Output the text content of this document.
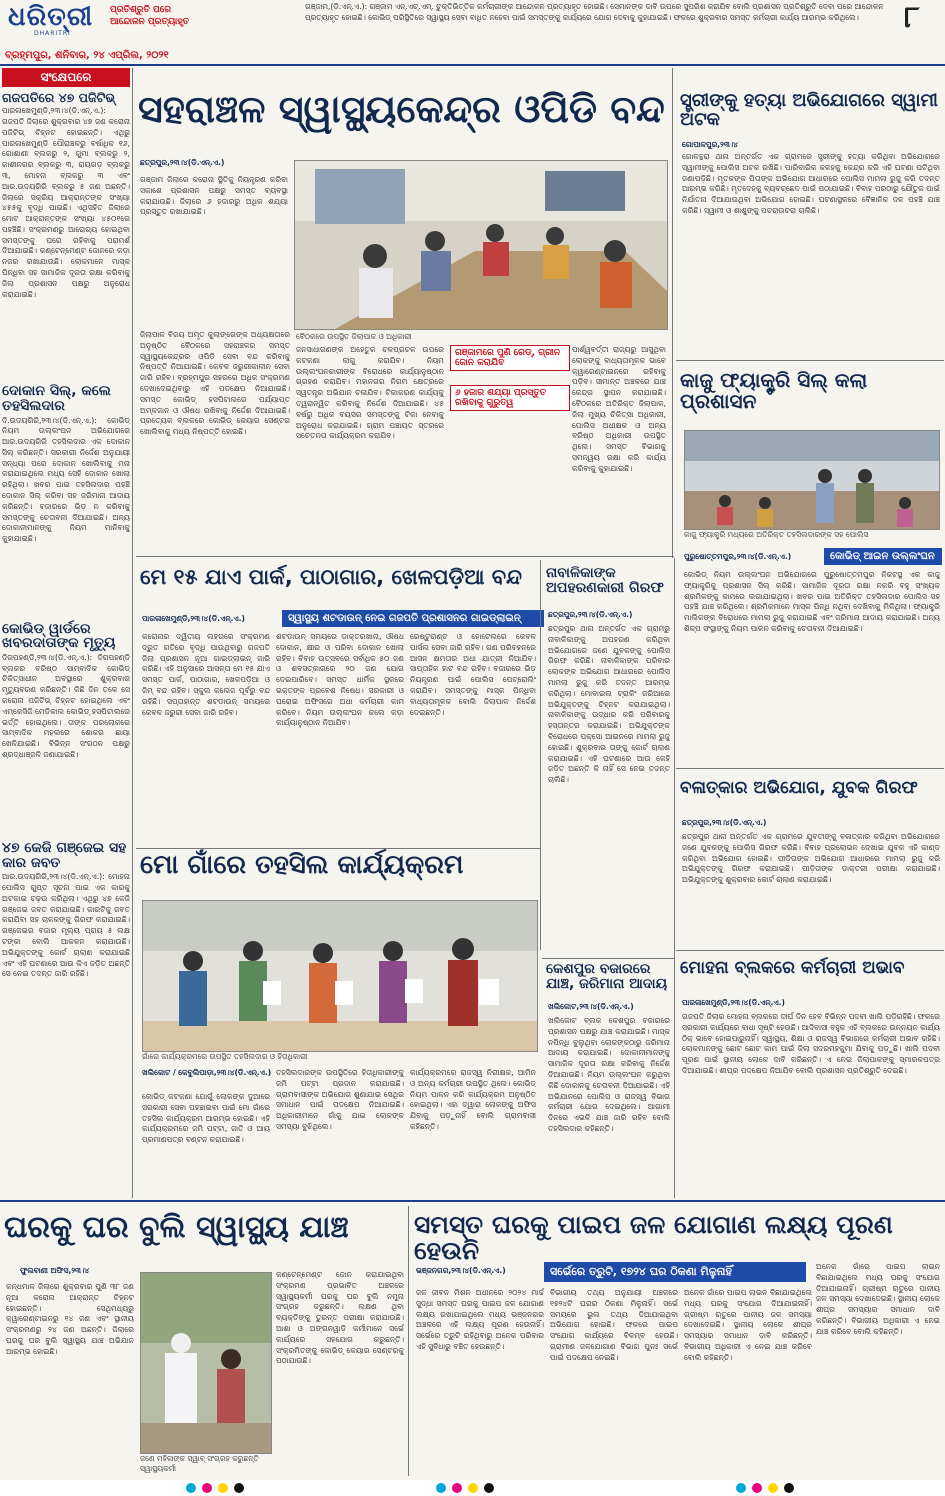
ଧରିତ୍ରୀ
DHARITRI
ପ୍ରତିଶ୍ରୁତି ପରେ ଆନ୍ଦୋଳନ ପ୍ରତ୍ୟାହୃତ
ଗଞ୍ଜାମ,(ଡି.ଏନ୍.ଏ.): ଗଞ୍ଜାମ ଏନ୍.ଏଚ୍.ଏମ୍. ଚୁକ୍ତିଭିତ୍ତିକ କର୍ମଚାରୀଙ୍କ ଆନ୍ଦୋଳନ ପ୍ରତ୍ୟାହୃତ ହୋଇଛି। ସେମାନଙ୍କ ଦାବି ଉପରେ ସୁପରିଶ କରାଯିବ ବୋଲି ପ୍ରଶାସନ ପ୍ରତିଶ୍ରୁତି ଦେବା ପରେ ଆନ୍ଦୋଳନ ପ୍ରତ୍ୟାହୃତ ହୋଇଛି। କୋଭିଡ୍ ପରିସ୍ଥିତିରେ ସ୍ୱାସ୍ଥ୍ୟ ସେବା ବାଧିତ ନହେବା ପାଇଁ ସମସ୍ତଙ୍କୁ କାର୍ଯ୍ୟରେ ଯୋଗ ଦେବାକୁ କୁହାଯାଇଛି। ଫଳରେ ଶୁକ୍ରବାର ସମସ୍ତ କର୍ମଚାରୀ କାର୍ଯ୍ୟ ଆରମ୍ଭ କରିଥିଲେ।	୮
ବ୍ରହ୍ମପୁର, ଶନିବାର, ୨୪ ଏପ୍ରିଲ, ୨୦୨୧
ସଂକ୍ଷେପରେ
ଗଜପତିରେ ୪୭ ପଜିଟିଭ୍
ପାରଳାଖେମୁଣ୍ଡି,୨୩।୪(ଡି.ଏନ୍.ଏ.): ଗଜପତି ଜିଲାରେ ଶୁକ୍ରବାର ୪୭ ଜଣ କରୋନା ପଜିଟିଭ୍ ଚିହ୍ନଟ ହୋଇଛନ୍ତି। ଏଥିରୁ ପାରଳାଖେମୁଣ୍ଡି ପୌରାଞ୍ଚଳରୁ ବର୍ଷାଧିକ ୧୬, ଗୋଶାଣୀ ବ୍ଲକରୁ ୨, ଗୁମା ବ୍ଲକରୁ ୨, କାଶୀନଗର ବ୍ଲକରୁ ୩, ରାୟଗଡ଼ ବ୍ଲକରୁ ୩, ମୋହନା ବ୍ଲକରୁ ୩ ଏବଂ ଆର.ଉଦୟଗିରି ବ୍ଲକରୁ ୫ ଜଣ ଅଛନ୍ତି। ଜିଲାରେ ସକ୍ରିୟ ଆକ୍ରାନ୍ତଙ୍କ ସଂଖ୍ୟା ୪୫୫କୁ ବୃଦ୍ଧି ପାଇଛି। ଏଥିସହିତ ଜିଲାରେ ମୋଟ ଆକ୍ରାନ୍ତଙ୍କ ସଂଖ୍ୟା ୪୫୦୧ରେ ପହଞ୍ଚିଛି। ସଂକ୍ରମଣରୁ ଆରୋଗ୍ୟ ହୋଇଥିବା ସମସ୍ତଙ୍କୁ ଘରେ ରହିବାକୁ ପରାମର୍ଶ ଦିଆଯାଇଛି। କଣ୍ଟେନ୍ମେଣ୍ଟ ଜୋନରେ କଡ଼ା ନଜର ରଖାଯାଉଛି। ଲୋକମାନେ ମାସ୍କ ପିନ୍ଧିବା ସହ ସାମାଜିକ ଦୂରତା ରକ୍ଷା କରିବାକୁ ଜିଲା ପ୍ରଶାସନ ପକ୍ଷରୁ ଅନୁରୋଧ କରାଯାଇଛି।
ଦୋକାନ ସିଲ୍, କଲେ ତହସିଲଦାର
ଦି.ଉଦୟଗିରି,୨୩।୪(ଡି.ଏନ୍.ଏ.): କୋଭିଡ୍ ନିୟମ ଉଲ୍ଲଂଘନ ଅଭିଯୋଗରେ ଆର.ଉଦୟଗିରି ତହସିଲଦାର ଏକ ଦୋକାନ ସିଲ୍ କରିଛନ୍ତି। ସରକାରୀ ନିର୍ଦ୍ଦେଶ ଅନୁଯାୟୀ ସନ୍ଧ୍ୟା ପରେ ଦୋକାନ ଖୋଲିବାକୁ ମନା କରାଯାଇଥିଲେ ମଧ୍ୟ ସେହି ଦୋକାନ ଖୋଲା ରହିଥିଲା। ଖବର ପାଇ ତହସିଲଦାର ପହଞ୍ଚି ଦୋକାନ ସିଲ୍ କରିବା ସହ ଜରିମାନା ଆଦାୟ କରିଛନ୍ତି। ବଜାରରେ ଭିଡ଼ ନ କରିବାକୁ ସମସ୍ତଙ୍କୁ ଚେତାବନୀ ଦିଆଯାଇଛି। ଅନ୍ୟ ଦୋକାନୀମାନଙ୍କୁ ନିୟମ ମାନିବାକୁ କୁହାଯାଇଛି।
କୋଭିଡ୍ ୱାର୍ଡରେ ଖବରଦାତାଙ୍କ ମୃତ୍ୟୁ
ଦିଗପହଣ୍ଡି,୨୩।୪(ଡି.ଏନ୍.ଏ.): ଦିଗପହଣ୍ଡି ବ୍ଲକର ବରିଷ୍ଠ ସାମ୍ବାଦିକ କୋଭିଡ୍ ଚିକିତ୍ସାଧୀନ ଅବସ୍ଥାରେ ଶୁକ୍ରବାର ମୃତ୍ୟୁବରଣ କରିଛନ୍ତି। କିଛି ଦିନ ତଳେ ସେ କରୋନା ପଜିଟିଭ୍ ଚିହ୍ନଟ ହୋଇଥିଲେ ଏବଂ ଏମ୍କେସିଜି ମେଡିକାଲ କୋଭିଡ୍ ହସପିଟାଲରେ ଭର୍ତ୍ତି ହୋଇଥିଲେ। ତାଙ୍କ ପରଲୋକରେ ସାମ୍ବାଦିକ ମହଲରେ ଶୋକର ଛାୟା ଖେଳିଯାଇଛି। ବିଭିନ୍ନ ସଂଗଠନ ପକ୍ଷରୁ ଶ୍ରଦ୍ଧାଞ୍ଜଳି ଜଣାଯାଇଛି।
୪୭ କେଜି ଗଞ୍ଜେଇ ସହ କାର ଜବତ
ଆର.ଉଦୟଗିରି,୨୩।୪(ଡି.ଏନ୍.ଏ.): ମୋହନା ପୋଲିସ ଗୁପ୍ତ ସୂଚନା ପାଇ ଏକ କାରକୁ ଅଟକାଇ ଚଢ଼ଉ କରିଥିଲା। ଏଥିରୁ ୪୭ କେଜି ଗଞ୍ଜେଇ ଜବତ କରାଯାଇଛି। କାରଟିକୁ ଜବତ କରାଯିବା ସହ ଚାଳକଙ୍କୁ ଗିରଫ କରାଯାଇଛି। ଗଞ୍ଜେଇର ବଜାର ମୂଲ୍ୟ ପ୍ରାୟ ୫ ଲକ୍ଷ ଟଙ୍କା ବୋଲି ଆକଳନ କରାଯାଉଛି। ଅଭିଯୁକ୍ତଙ୍କୁ କୋର୍ଟ ଚାଲାଣ କରାଯାଇଛି ଏବଂ ଏହି ଘଟଣାରେ ଆଉ କିଏ ଜଡ଼ିତ ଅଛନ୍ତି ସେ ନେଇ ତଦନ୍ତ ଜାରି ରହିଛି।
ସହରାଞ୍ଚଳ ସ୍ୱାସ୍ଥ୍ୟକେନ୍ଦ୍ର ଓପିଡି ବନ୍ଦ
ଛତ୍ରପୁର,୨୩।୪(ଡି.ଏନ୍.ଏ.)
ଗଞ୍ଜାମ ଜିଲାରେ କରୋନା ସ୍ଥିତିକୁ ନିୟନ୍ତ୍ରଣ କରିବା ସକାଶେ ପ୍ରଶାସନ ପକ୍ଷରୁ ସମସ୍ତ ବ୍ୟବସ୍ଥା କରାଯାଉଛି। ଜିଲାରେ ୬ ହଜାରରୁ ଅଧିକ ଶଯ୍ୟା ପ୍ରସ୍ତୁତ ରଖାଯାଇଛି।
ବୈଠକରେ ଉପସ୍ଥିତ ଜିଲାପାଳ ଓ ଅଧିକାରୀ
ଜିଲାପାଳ ବିଜୟ ଅମୃତ କୁଲାଙ୍ଗେଙ୍କ ଅଧ୍ୟକ୍ଷତାରେ ଅନୁଷ୍ଠିତ ବୈଠକରେ ସହରାଞ୍ଚଳର ସମସ୍ତ ସ୍ୱାସ୍ଥ୍ୟକେନ୍ଦ୍ରର ଓପିଡି ସେବା ବନ୍ଦ କରିବାକୁ ନିଷ୍ପତ୍ତି ନିଆଯାଇଛି। କେବଳ ଜରୁରୀକାଳୀନ ସେବା ଜାରି ରହିବ। ବ୍ରହ୍ମପୁର ସହରରେ ଅଧିକ ସଂକ୍ରମଣ ଦେଖାଦେଇଥିବାରୁ ଏହି ପଦକ୍ଷେପ ନିଆଯାଇଛି। ସମସ୍ତ କୋଭିଡ୍ ହସପିଟାଲରେ ପର୍ଯ୍ୟାପ୍ତ ଅମ୍ଳଜାନ ଓ ଔଷଧ ରଖିବାକୁ ନିର୍ଦ୍ଦେଶ ଦିଆଯାଇଛି। ପ୍ରତ୍ୟେକ ବ୍ଲକରେ କୋଭିଡ୍ କେୟାର ସେଣ୍ଟର ଖୋଲିବାକୁ ମଧ୍ୟ ନିଷ୍ପତ୍ତି ହୋଇଛି।
ଜନସାଧାରଣଙ୍କ ଅହେତୁକ ଚଳପ୍ରଚଳ ଉପରେ କଟକଣା ଲାଗୁ କରାଯିବ। ନିୟମ ଉଲ୍ଲଂଘନକାରୀଙ୍କ ବିରୋଧରେ କାର୍ଯ୍ୟାନୁଷ୍ଠାନ ଗ୍ରହଣ କରାଯିବ। ମହାନଗର ନିଗମ କ୍ଷେତ୍ରରେ ସ୍ୱତନ୍ତ୍ର ଅଭିଯାନ ଚଳାଯିବ। ଟିକାକରଣ କାର୍ଯ୍ୟକୁ ତ୍ୱରାନ୍ୱିତ କରିବାକୁ ନିର୍ଦ୍ଦେଶ ଦିଆଯାଇଛି। ୪୫ ବର୍ଷରୁ ଅଧିକ ବୟସର ସମସ୍ତଙ୍କୁ ଟିକା ନେବାକୁ ଅନୁରୋଧ କରାଯାଇଛି। ଗ୍ରାମ ପଞ୍ଚାୟତ ସ୍ତରରେ ସଚେତନତା କାର୍ଯ୍ୟକ୍ରମ କରାଯିବ।
ଗଞ୍ଜାମରେ ପୁଣି ରେଡ୍, ଗ୍ରୀନ ଜୋନ କରାଯିବ
୬ ହଜାର ଶଯ୍ୟା ପ୍ରସ୍ତୁତ ରଖିବାକୁ ଗୁରୁତ୍ୱ
ପାର୍ଶ୍ୱବର୍ତ୍ତୀ ରାଜ୍ୟରୁ ଆସୁଥିବା ଲୋକଙ୍କୁ ବାଧ୍ୟତାମୂଳକ ଭାବେ କ୍ୱାରେଣ୍ଟାଇନରେ ରହିବାକୁ ପଡ଼ିବ। ସୀମାନ୍ତ ଅଞ୍ଚଳରେ ଯାଞ୍ଚ କେନ୍ଦ୍ର ସ୍ଥାପନ କରାଯାଇଛି। ବୈଠକରେ ଅତିରିକ୍ତ ଜିଲାପାଳ, ଜିଲା ମୁଖ୍ୟ ଚିକିତ୍ସା ଅଧିକାରୀ, ପୋଲିସ ଅଧୀକ୍ଷକ ଓ ଅନ୍ୟ ବରିଷ୍ଠ ଅଧିକାରୀ ଉପସ୍ଥିତ ଥିଲେ। ସମସ୍ତ ବିଭାଗକୁ ସମନ୍ୱୟ ରକ୍ଷା କରି କାର୍ଯ୍ୟ କରିବାକୁ କୁହାଯାଇଛି।
ସ୍ତ୍ରୀଙ୍କୁ ହତ୍ୟା ଅଭିଯୋଗରେ ସ୍ୱାମୀ ଅଟକ
ଗୋପାଳପୁର,୨୩।୪
ଗୋଳନ୍ଥରା ଥାନା ଅନ୍ତର୍ଗତ ଏକ ଗ୍ରାମରେ ସ୍ତ୍ରୀଙ୍କୁ ହତ୍ୟା କରିଥିବା ଅଭିଯୋଗରେ ସ୍ୱାମୀଙ୍କୁ ପୋଲିସ ଅଟକ ରଖିଛି। ପାରିବାରିକ କଳହକୁ କେନ୍ଦ୍ର କରି ଏହି ଘଟଣା ଘଟିଥିବା ଜଣାପଡ଼ିଛି। ମୃତକଙ୍କ ପିତାଙ୍କ ଅଭିଯୋଗ ଆଧାରରେ ପୋଲିସ ମାମଲା ରୁଜୁ କରି ତଦନ୍ତ ଆରମ୍ଭ କରିଛି। ମୃତଦେହକୁ ବ୍ୟବଚ୍ଛେଦ ପାଇଁ ପଠାଯାଇଛି। ବିବାହ ପରଠାରୁ ଯୌତୁକ ପାଇଁ ନିର୍ଯାତନା ଦିଆଯାଉଥିବା ଅଭିଯୋଗ ହୋଇଛି। ଘଟଣାସ୍ଥଳରେ ବୈଜ୍ଞାନିକ ଦଳ ପହଞ୍ଚି ଯାଞ୍ଚ କରିଛି। ସ୍ୱାମୀ ଓ ଶାଶୁଙ୍କୁ ପଚରାଉଚରା ଚାଲିଛି।
କାଜୁ ଫ୍ୟାକ୍ଟ୍ରି ସିଲ୍ କଲା ପ୍ରଶାସନ
କାଜୁ ଫ୍ୟାକ୍ଟ୍ରି ମଧ୍ୟରେ ଅତିରିକ୍ତ ତହସିଲଦାରଙ୍କ ସହ ପୋଲିସ
ପୁରୁଷୋତ୍ତମପୁର,୨୩।୪(ଡି.ଏନ୍.ଏ.)	କୋଭିଡ୍ ଆଇନ ଉଲ୍ଲଂଘନ
କୋଭିଡ୍ ନିୟମ ଉଲ୍ଲଂଘନ ଅଭିଯୋଗରେ ପୁରୁଷୋତ୍ତମପୁର ନିକଟସ୍ଥ ଏକ କାଜୁ ଫ୍ୟାକ୍ଟ୍ରିକୁ ପ୍ରଶାସନ ସିଲ୍ କରିଛି। ସାମାଜିକ ଦୂରତା ରକ୍ଷା ନକରି ବହୁ ସଂଖ୍ୟକ ଶ୍ରମିକଙ୍କୁ କାମରେ ଲଗାଯାଇଥିଲା। ଖବର ପାଇ ଅତିରିକ୍ତ ତହସିଲଦାର ପୋଲିସ ସହ ପହଞ୍ଚି ଯାଞ୍ଚ କରିଥିଲେ। ଶ୍ରମିକମାନେ ମାସ୍କ ପିନ୍ଧି ନଥିବା ଦେଖିବାକୁ ମିଳିଥିଲା। ଫ୍ୟାକ୍ଟ୍ରି ମାଲିକଙ୍କ ବିରୋଧରେ ମାମଲା ରୁଜୁ କରାଯାଇଛି ଏବଂ ଜରିମାନା ଆଦାୟ କରାଯାଇଛି। ଅନ୍ୟ ଶିଳ୍ପ ସଂସ୍ଥାଙ୍କୁ ନିୟମ ପାଳନ କରିବାକୁ ଚେତାବନୀ ଦିଆଯାଇଛି।
ବଳାତ୍କାର ଅଭିଯୋଗ, ଯୁବକ ଗିରଫ
ଛତ୍ରପୁର,୨୩।୪(ଡି.ଏନ୍.ଏ.)
ଛତ୍ରପୁର ଥାନା ଅନ୍ତର୍ଗତ ଏକ ଗ୍ରାମରେ ଯୁବତୀଙ୍କୁ ବଳାତ୍କାର କରିଥିବା ଅଭିଯୋଗରେ ଜଣେ ଯୁବକଙ୍କୁ ପୋଲିସ ଗିରଫ କରିଛି। ବିବାହ ପ୍ରଲୋଭନ ଦେଖାଇ ଯୁବକ ଏହି କାଣ୍ଡ କରିଥିବା ଅଭିଯୋଗ ହୋଇଛି। ପୀଡ଼ିତାଙ୍କ ଅଭିଯୋଗ ଆଧାରରେ ମାମଲା ରୁଜୁ କରି ଅଭିଯୁକ୍ତଙ୍କୁ ଗିରଫ କରାଯାଇଛି। ପୀଡ଼ିତାଙ୍କ ଡାକ୍ତରୀ ପରୀକ୍ଷା କରାଯାଇଛି। ଅଭିଯୁକ୍ତଙ୍କୁ ଶୁକ୍ରବାର କୋର୍ଟ ଚାଲାଣ କରାଯାଇଛି।
ମୋହନା ବ୍ଲକରେ କର୍ମଚାରୀ ଅଭାବ
ପାରଳାଖେମୁଣ୍ଡି,୨୩।୪(ଡି.ଏନ୍.ଏ.)
ଗଜପତି ଜିଲାର ମୋହନା ବ୍ଲକରେ ଦୀର୍ଘ ଦିନ ହେବ ବିଭିନ୍ନ ପଦବୀ ଖାଲି ପଡ଼ିରହିଛି। ଫଳରେ ସରକାରୀ କାର୍ଯ୍ୟରେ ବାଧା ସୃଷ୍ଟି ହେଉଛି। ଆଦିବାସୀ ବହୁଳ ଏହି ବ୍ଲକରେ ଉନ୍ନୟନ କାର୍ଯ୍ୟ ଠିକ୍ ଭାବେ ହୋଇପାରୁନାହିଁ। ସ୍ୱାସ୍ଥ୍ୟ, ଶିକ୍ଷା ଓ ରାଜସ୍ୱ ବିଭାଗରେ କର୍ମଚାରୀ ଅଭାବ ରହିଛି। ଲୋକମାନଙ୍କୁ ଛୋଟ ଛୋଟ କାମ ପାଇଁ ଜିଲା ସଦରମହକୁମା ଯିବାକୁ ପଡ଼ୁଛି। ଖାଲି ପଦବୀ ପୂରଣ ପାଇଁ ସ୍ଥାନୀୟ ଲୋକେ ଦାବି କରିଛନ୍ତି। ଏ ନେଇ ଜିଲାପାଳଙ୍କୁ ସ୍ମାରକପତ୍ର ଦିଆଯାଇଛି। ଶୀଘ୍ର ପଦକ୍ଷେପ ନିଆଯିବ ବୋଲି ପ୍ରଶାସନ ପ୍ରତିଶ୍ରୁତି ଦେଇଛି।
ମେ ୧୫ ଯାଏ ପାର୍କ, ପାଠାଗାର, ଖେଳପଡ଼ିଆ ବନ୍ଦ
ପାରଳାଖେମୁଣ୍ଡି,୨୩।୪(ଡି.ଏନ୍.ଏ.)	ସ୍ୱାସ୍ଥ୍ୟ ଶଟଡାଉନ୍ ନେଇ ଗଜପତି ପ୍ରଶାସନର ଗାଇଡ୍ଲାଇନ୍
କରୋନାର ଦ୍ୱିତୀୟ ଲହରରେ ସଂକ୍ରମଣ ଦ୍ରୁତ ଗତିରେ ବୃଦ୍ଧି ପାଉଥିବାରୁ ଗଜପତି ଜିଲା ପ୍ରଶାସନ ନୂଆ ଗାଇଡ୍ଲାଇନ୍ ଜାରି କରିଛି। ଏହି ଅନୁସାରେ ଆସନ୍ତା ମେ ୧୫ ଯାଏ ସମସ୍ତ ପାର୍କ, ପାଠାଗାର, ଖେଳପଡ଼ିଆ ଓ ଜିମ୍ ବନ୍ଦ ରହିବ। ସ୍କୁଲ କଲେଜ ପୂର୍ବରୁ ବନ୍ଦ ରହିଛି। ସପ୍ତାହାନ୍ତ ଶଟଡାଉନ୍ ସମୟରେ କେବଳ ଜରୁରୀ ସେବା ଜାରି ରହିବ।
ଶଟଡାଉନ୍ ସମୟରେ ଡାକ୍ତରଖାନା, ଔଷଧ ଦୋକାନ, କ୍ଷୀର ଓ ପରିବା ଦୋକାନ ଖୋଲା ରହିବ। ବିବାହ ଉତ୍ସବରେ ସର୍ବାଧିକ ୫୦ ଜଣ ଓ ଶବସତ୍କାରରେ ୨୦ ଜଣ ଯୋଗ ଦେଇପାରିବେ। ସମସ୍ତ ଧାର୍ମିକ ସ୍ଥଳରେ ଭକ୍ତଙ୍କ ପ୍ରବେଶ ନିଷେଧ। ସରକାରୀ ଓ ଘରୋଇ ଅଫିସରେ ଅଧା କର୍ମଚାରୀ କାମ କରିବେ। ନିୟମ ଉଲ୍ଲଂଘନ କଲେ କଡ଼ା କାର୍ଯ୍ୟାନୁଷ୍ଠାନ ନିଆଯିବ।
ରେଷ୍ଟୁରାଣ୍ଟ ଓ ହୋଟେଲରେ କେବଳ ପାର୍ସଲ ସେବା ଜାରି ରହିବ। ଗଣ ପରିବହନରେ ଆସନ କ୍ଷମତାର ଅଧା ଯାତ୍ରୀ ନିଆଯିବ। ସାପ୍ତାହିକ ହାଟ ବନ୍ଦ ରହିବ। ବଜାରରେ ଭିଡ଼ ନିୟନ୍ତ୍ରଣ ପାଇଁ ପୋଲିସ ପେଟ୍ରୋଲିଂ କରାଯିବ। ସମସ୍ତଙ୍କୁ ମାସ୍କ ପିନ୍ଧିବା ବାଧ୍ୟତାମୂଳକ ବୋଲି ଜିଲାପାଳ ନିର୍ଦ୍ଦେଶ ଦେଇଛନ୍ତି।
ନାବାଳିକାଙ୍କ ଅପହରଣକାରୀ ଗିରଫ
ଛତ୍ରପୁର,୨୩।୪(ଡି.ଏନ୍.ଏ.)
ଛତ୍ରପୁର ଥାନା ଅନ୍ତର୍ଗତ ଏକ ଗ୍ରାମରୁ ନାବାଳିକାଙ୍କୁ ଅପହରଣ କରିଥିବା ଅଭିଯୋଗରେ ଜଣେ ଯୁବକଙ୍କୁ ପୋଲିସ ଗିରଫ କରିଛି। ନାବାଳିକାଙ୍କ ପରିବାର ଲୋକଙ୍କ ଅଭିଯୋଗ ଆଧାରରେ ପୋଲିସ ମାମଲା ରୁଜୁ କରି ତଦନ୍ତ ଆରମ୍ଭ କରିଥିଲା। ମୋବାଇଲ ଟ୍ରାକିଂ ଜରିଆରେ ଅଭିଯୁକ୍ତଙ୍କୁ ଚିହ୍ନଟ କରାଯାଇଥିଲା। ନାବାଳିକାଙ୍କୁ ଉଦ୍ଧାର କରି ପରିବାରକୁ ହସ୍ତାନ୍ତର କରାଯାଇଛି। ଅଭିଯୁକ୍ତଙ୍କ ବିରୋଧରେ ପକ୍ସୋ ଆଇନରେ ମାମଲା ରୁଜୁ ହୋଇଛି। ଶୁକ୍ରବାର ତାଙ୍କୁ କୋର୍ଟ ଚାଲାଣ କରାଯାଇଛି। ଏହି ଘଟଣାରେ ଆଉ କେହି ଜଡ଼ିତ ଅଛନ୍ତି କି ନାହିଁ ସେ ନେଇ ତଦନ୍ତ ଚାଲିଛି।
ମୋ ଗାଁରେ ତହସିଲ କାର୍ଯ୍ୟକ୍ରମ
ଗାଁରେ କାର୍ଯ୍ୟକ୍ରମରେ ଉପସ୍ଥିତ ତହସିଲଦାର ଓ ହିତାଧିକାରୀ
ଖଲିକୋଟ / କେବୁଲିପାଡ଼ା,୨୩।୪(ଡି.ଏନ୍.ଏ.)
କୋଭିଡ୍ କଟକଣା ଯୋଗୁଁ ଲୋକଙ୍କ ଦୁଆରେ ସରକାରୀ ସେବା ପହଞ୍ଚାଇବା ପାଇଁ ମୋ ଗାଁରେ ତହସିଲ କାର୍ଯ୍ୟକ୍ରମ ଆରମ୍ଭ ହୋଇଛି। ଏହି କାର୍ଯ୍ୟକ୍ରମରେ ଜମି ପଟ୍ଟା, ଜାତି ଓ ଆୟ ପ୍ରମାଣପତ୍ର ବଣ୍ଟନ କରାଯାଇଛି।
ତହସିଲଦାରଙ୍କ ଉପସ୍ଥିତିରେ ହିତାଧିକାରୀଙ୍କୁ ଜମି ପଟ୍ଟା ପ୍ରଦାନ କରାଯାଇଛି। ଗ୍ରାମବାସୀଙ୍କ ଅଭିଯୋଗ ଶୁଣାଯାଇ ସେଥିର ସମାଧାନ ପାଇଁ ପଦକ୍ଷେପ ନିଆଯାଇଛି। ଅଧିକାରୀମାନେ ଗାଁକୁ ଯାଇ ଲୋକଙ୍କ ସମସ୍ୟା ବୁଝିଥିଲେ।
କାର୍ଯ୍ୟକ୍ରମରେ ରାଜସ୍ୱ ନିରୀକ୍ଷକ, ଆମିନ ଓ ଅନ୍ୟ କର୍ମଚାରୀ ଉପସ୍ଥିତ ଥିଲେ। କୋଭିଡ୍ ନିୟମ ପାଳନ କରି କାର୍ଯ୍ୟକ୍ରମ ଅନୁଷ୍ଠିତ ହୋଇଥିଲା। ଏହା ଦ୍ୱାରା ଲୋକଙ୍କୁ ଅଫିସ ଯିବାକୁ ପଡ଼ୁନାହିଁ ବୋଲି ଗ୍ରାମବାସୀ କହିଛନ୍ତି।
କେଶପୁର ବଜାରରେ ଯାଞ୍ଚ, ଜରିମାନା ଆଦାୟ
ଖଲିକୋଟ,୨୩।୪(ଡି.ଏନ୍.ଏ.)
ଖଲିକୋଟ ବ୍ଲକ କେଶପୁର ବଜାରରେ ପ୍ରଶାସନ ପକ୍ଷରୁ ଯାଞ୍ଚ କରାଯାଇଛି। ମାସ୍କ ନପିନ୍ଧି ବୁଲୁଥିବା ଲୋକଙ୍କଠାରୁ ଜରିମାନା ଆଦାୟ କରାଯାଇଛି। ଦୋକାନୀମାନଙ୍କୁ ସାମାଜିକ ଦୂରତା ରକ୍ଷା କରିବାକୁ ନିର୍ଦ୍ଦେଶ ଦିଆଯାଇଛି। ନିୟମ ଉଲ୍ଲଂଘନ କରୁଥିବା କିଛି ଦୋକାନକୁ ଚେତାବନୀ ଦିଆଯାଇଛି। ଏହି ଅଭିଯାନରେ ପୋଲିସ ଓ ରାଜସ୍ୱ ବିଭାଗ କର୍ମଚାରୀ ଯୋଗ ଦେଇଥିଲେ। ଆଗାମୀ ଦିନରେ ଏଭଳି ଯାଞ୍ଚ ଜାରି ରହିବ ବୋଲି ତହସିଲଦାର କହିଛନ୍ତି।
ଘରକୁ ଘର ବୁଲି ସ୍ୱାସ୍ଥ୍ୟ ଯାଞ୍ଚ
ଫୁଲବାଣୀ ଅଫିସ,୨୩।୪
କନ୍ଧମାଳ ଜିଲାରେ ଶୁକ୍ରବାର ପୁଣି ୩୮ ଜଣ ନୂଆ କରୋନା ଆକ୍ରାନ୍ତ ଚିହ୍ନଟ ହୋଇଛନ୍ତି। ସେଥିମଧ୍ୟରୁ କ୍ୱାରେଣ୍ଟାଇନରୁ ୧୪ ଜଣ ଏବଂ ସ୍ଥାନୀୟ ସଂକ୍ରମଣରୁ ୨୪ ଜଣ ଅଛନ୍ତି। ଜିଲାରେ ଘରକୁ ଘର ବୁଲି ସ୍ୱାସ୍ଥ୍ୟ ଯାଞ୍ଚ ଅଭିଯାନ ଆରମ୍ଭ ହୋଇଛି।
ଜଣେ ମହିଳାଙ୍କ ସ୍ୱାବ୍ ସଂଗ୍ରହ କରୁଛନ୍ତି ସ୍ୱାସ୍ଥ୍ୟକର୍ମୀ
କଣ୍ଟେନ୍ମେଣ୍ଟ ଜୋନ କରାଯାଇଥିବା ସଂକ୍ରମଣ ପ୍ରଭାବିତ ଅଞ୍ଚଳରେ ସ୍ୱାସ୍ଥ୍ୟକର୍ମୀ ଘରକୁ ଘର ବୁଲି ନମୁନା ସଂଗ୍ରହ କରୁଛନ୍ତି। ଲକ୍ଷଣ ଥିବା ବ୍ୟକ୍ତିଙ୍କୁ ତୁରନ୍ତ ପରୀକ୍ଷା କରାଯାଉଛି। ଆଶା ଓ ଅଙ୍ଗନୱାଡ଼ି କର୍ମୀମାନେ ସର୍ଭେ କାର୍ଯ୍ୟରେ ସହଯୋଗ କରୁଛନ୍ତି। ସଂକ୍ରମିତଙ୍କୁ କୋଭିଡ୍ କେୟାର ସେଣ୍ଟରକୁ ପଠାଯାଉଛି।
ସମସ୍ତ ଘରକୁ ପାଇପ ଜଳ ଯୋଗାଣ ଲକ୍ଷ୍ୟ ପୂରଣ ହେଉନି
ଭଞ୍ଜନଗର,୨୩।୪(ଡି.ଏନ୍.ଏ.)	ସର୍ଭେରେ ତ୍ରୁଟି, ୧୭୨୪ ଘର ଠିକଣା ମିଳୁନାହିଁ
ଜଳ ଜୀବନ ମିଶନ ଅଧୀନରେ ୨୦୨୪ ମାର୍ଚ୍ଚ ସୁଦ୍ଧା ସମସ୍ତ ଘରକୁ ପାଇପ ଜଳ ଯୋଗାଣ ଲକ୍ଷ୍ୟ ରଖାଯାଇଥିଲେ ମଧ୍ୟ ଭଞ୍ଜନଗର ଅଞ୍ଚଳରେ ଏହି ଲକ୍ଷ୍ୟ ପୂରଣ ହେଉନାହିଁ। ସର୍ଭେରେ ତ୍ରୁଟି ରହିଥିବାରୁ ଅନେକ ପରିବାର ଏହି ସୁବିଧାରୁ ବଞ୍ଚିତ ହେଉଛନ୍ତି।
ବିଭାଗୀୟ ତଥ୍ୟ ଅନୁଯାୟୀ ଅଞ୍ଚଳରେ ୧୭୨୪ଟି ଘରର ଠିକଣା ମିଳୁନାହିଁ। ସର୍ଭେ ସମୟରେ ଭୁଲ ତଥ୍ୟ ଦିଆଯାଇଥିବା ଅଭିଯୋଗ ହୋଇଛି। ଫଳରେ ପାଇପ ସଂଯୋଗ କାର୍ଯ୍ୟରେ ବିଳମ୍ବ ହେଉଛି। ଗ୍ରାମୀଣ ଜଳଯୋଗାଣ ବିଭାଗ ପୁନଃ ସର୍ଭେ ପାଇଁ ପଦକ୍ଷେପ ନେଇଛି।
ଅନେକ ଗାଁରେ ପାଇପ ଲାଇନ ବିଛାଯାଇଥିଲେ ମଧ୍ୟ ଘରକୁ ସଂଯୋଗ ଦିଆଯାଇନାହିଁ। ଗ୍ରୀଷ୍ମ ଋତୁରେ ପାନୀୟ ଜଳ ସମସ୍ୟା ଦେଖାଦେଇଛି। ସ୍ଥାନୀୟ ଲୋକେ ଶୀଘ୍ର ସମସ୍ୟାର ସମାଧାନ ଦାବି କରିଛନ୍ତି। ବିଭାଗୀୟ ଅଧିକାରୀ ଏ ନେଇ ଯାଞ୍ଚ କରିବେ ବୋଲି କହିଛନ୍ତି।
ଅନେକ ଗାଁରେ ପାଇପ ଲାଇନ ବିଛାଯାଇଥିଲେ ମଧ୍ୟ ଘରକୁ ସଂଯୋଗ ଦିଆଯାଇନାହିଁ। ଗ୍ରୀଷ୍ମ ଋତୁରେ ପାନୀୟ ଜଳ ସମସ୍ୟା ଦେଖାଦେଇଛି। ସ୍ଥାନୀୟ ଲୋକେ ଶୀଘ୍ର ସମସ୍ୟାର ସମାଧାନ ଦାବି କରିଛନ୍ତି। ବିଭାଗୀୟ ଅଧିକାରୀ ଏ ନେଇ ଯାଞ୍ଚ କରିବେ ବୋଲି କହିଛନ୍ତି।
